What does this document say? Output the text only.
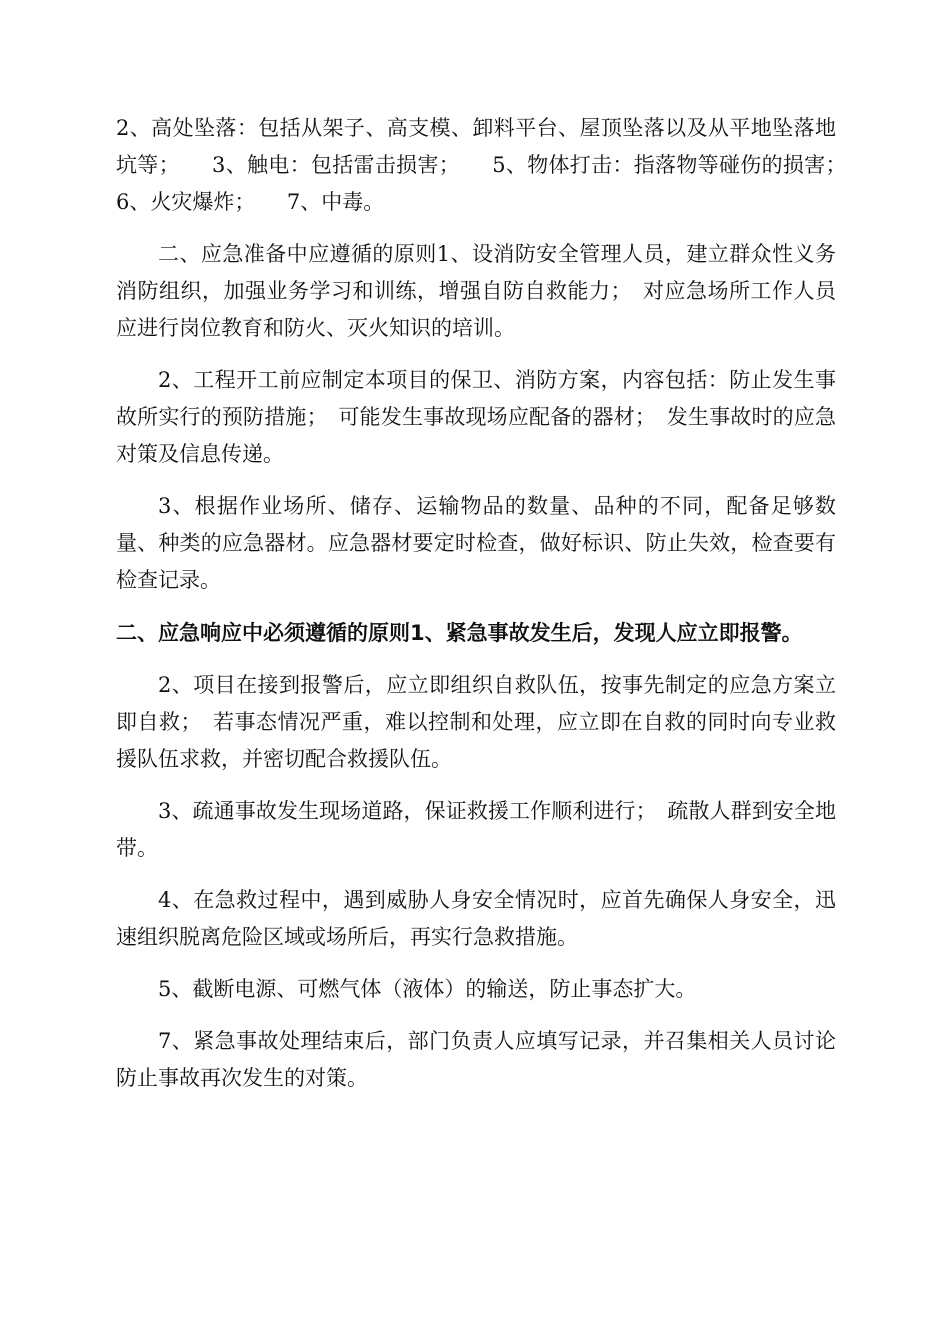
2、高处坠落：包括从架子、高支模、卸料平台、屋顶坠落以及从平地坠落地坑等；　　3、触电：包括雷击损害；　　5、物体打击：指落物等碰伤的损害；　　6、火灾爆炸；　　7、中毒。

二、应急准备中应遵循的原则1、设消防安全管理人员，建立群众性义务消防组织，加强业务学习和训练，增强自防自救能力；　对应急场所工作人员应进行岗位教育和防火、灭火知识的培训。

2、工程开工前应制定本项目的保卫、消防方案，内容包括：防止发生事故所实行的预防措施；　可能发生事故现场应配备的器材；　发生事故时的应急对策及信息传递。

3、根据作业场所、储存、运输物品的数量、品种的不同，配备足够数量、种类的应急器材。应急器材要定时检查，做好标识、防止失效，检查要有检查记录。

二、应急响应中必须遵循的原则1、紧急事故发生后，发现人应立即报警。

2、项目在接到报警后，应立即组织自救队伍，按事先制定的应急方案立即自救；　若事态情况严重，难以控制和处理，应立即在自救的同时向专业救援队伍求救，并密切配合救援队伍。

3、疏通事故发生现场道路，保证救援工作顺利进行；　疏散人群到安全地带。

4、在急救过程中，遇到威胁人身安全情况时，应首先确保人身安全，迅速组织脱离危险区域或场所后，再实行急救措施。

5、截断电源、可燃气体（液体）的输送，防止事态扩大。

7、紧急事故处理结束后，部门负责人应填写记录，并召集相关人员讨论防止事故再次发生的对策。
